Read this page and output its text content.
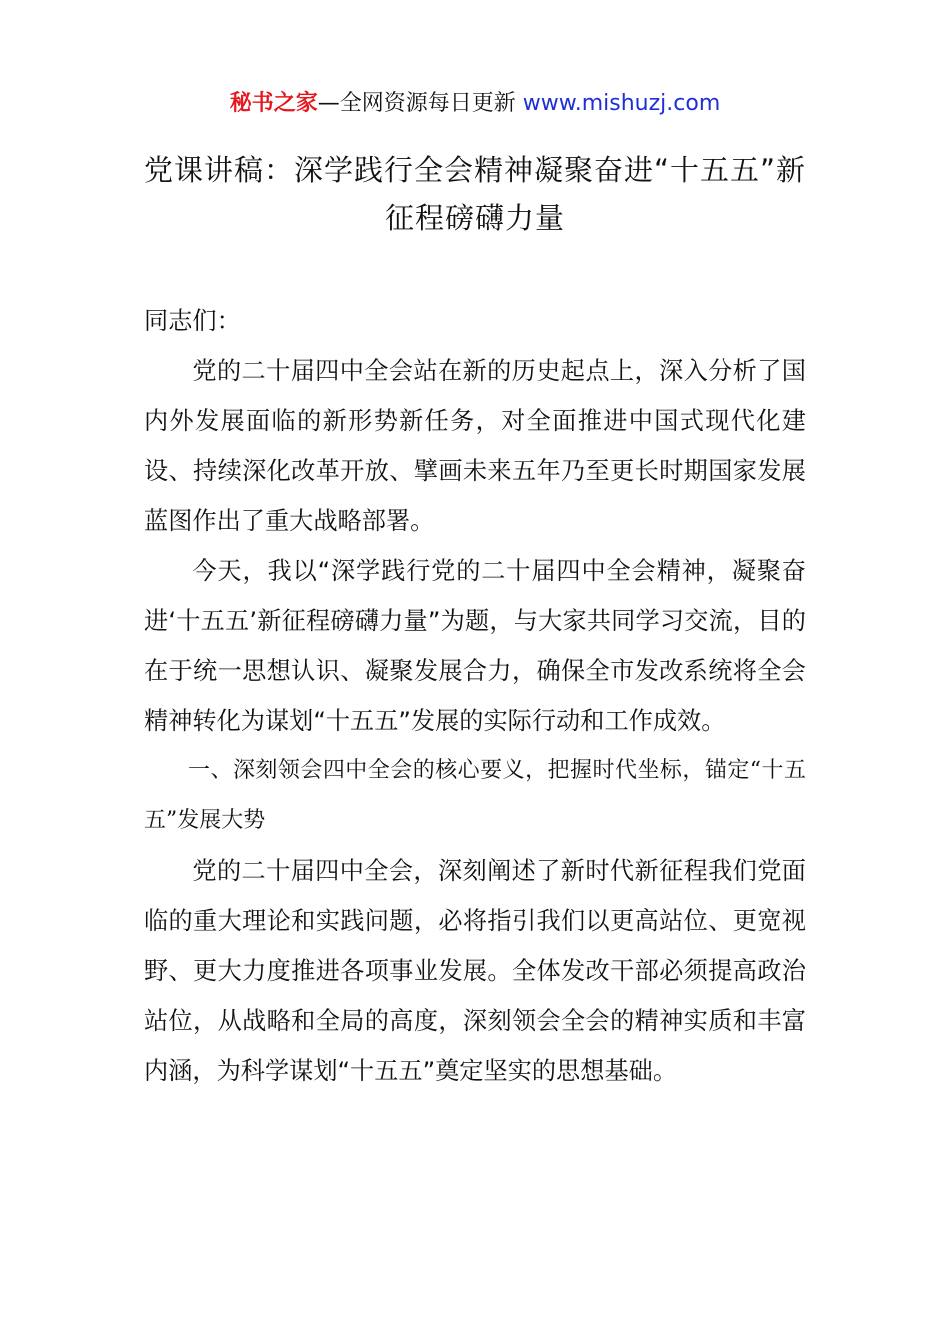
秘书之家—全网资源每日更新 www.mishuzj.com
党课讲稿：深学践行全会精神凝聚奋进“十五五”新征程磅礴力量

同志们：

党的二十届四中全会站在新的历史起点上，深入分析了国内外发展面临的新形势新任务，对全面推进中国式现代化建设、持续深化改革开放、擘画未来五年乃至更长时期国家发展蓝图作出了重大战略部署。

今天，我以“深学践行党的二十届四中全会精神，凝聚奋进‘十五五’新征程磅礴力量”为题，与大家共同学习交流，目的在于统一思想认识、凝聚发展合力，确保全市发改系统将全会精神转化为谋划“十五五”发展的实际行动和工作成效。

一、深刻领会四中全会的核心要义，把握时代坐标，锚定“十五五”发展大势

党的二十届四中全会，深刻阐述了新时代新征程我们党面临的重大理论和实践问题，必将指引我们以更高站位、更宽视野、更大力度推进各项事业发展。全体发改干部必须提高政治站位，从战略和全局的高度，深刻领会全会的精神实质和丰富内涵，为科学谋划“十五五”奠定坚实的思想基础。
